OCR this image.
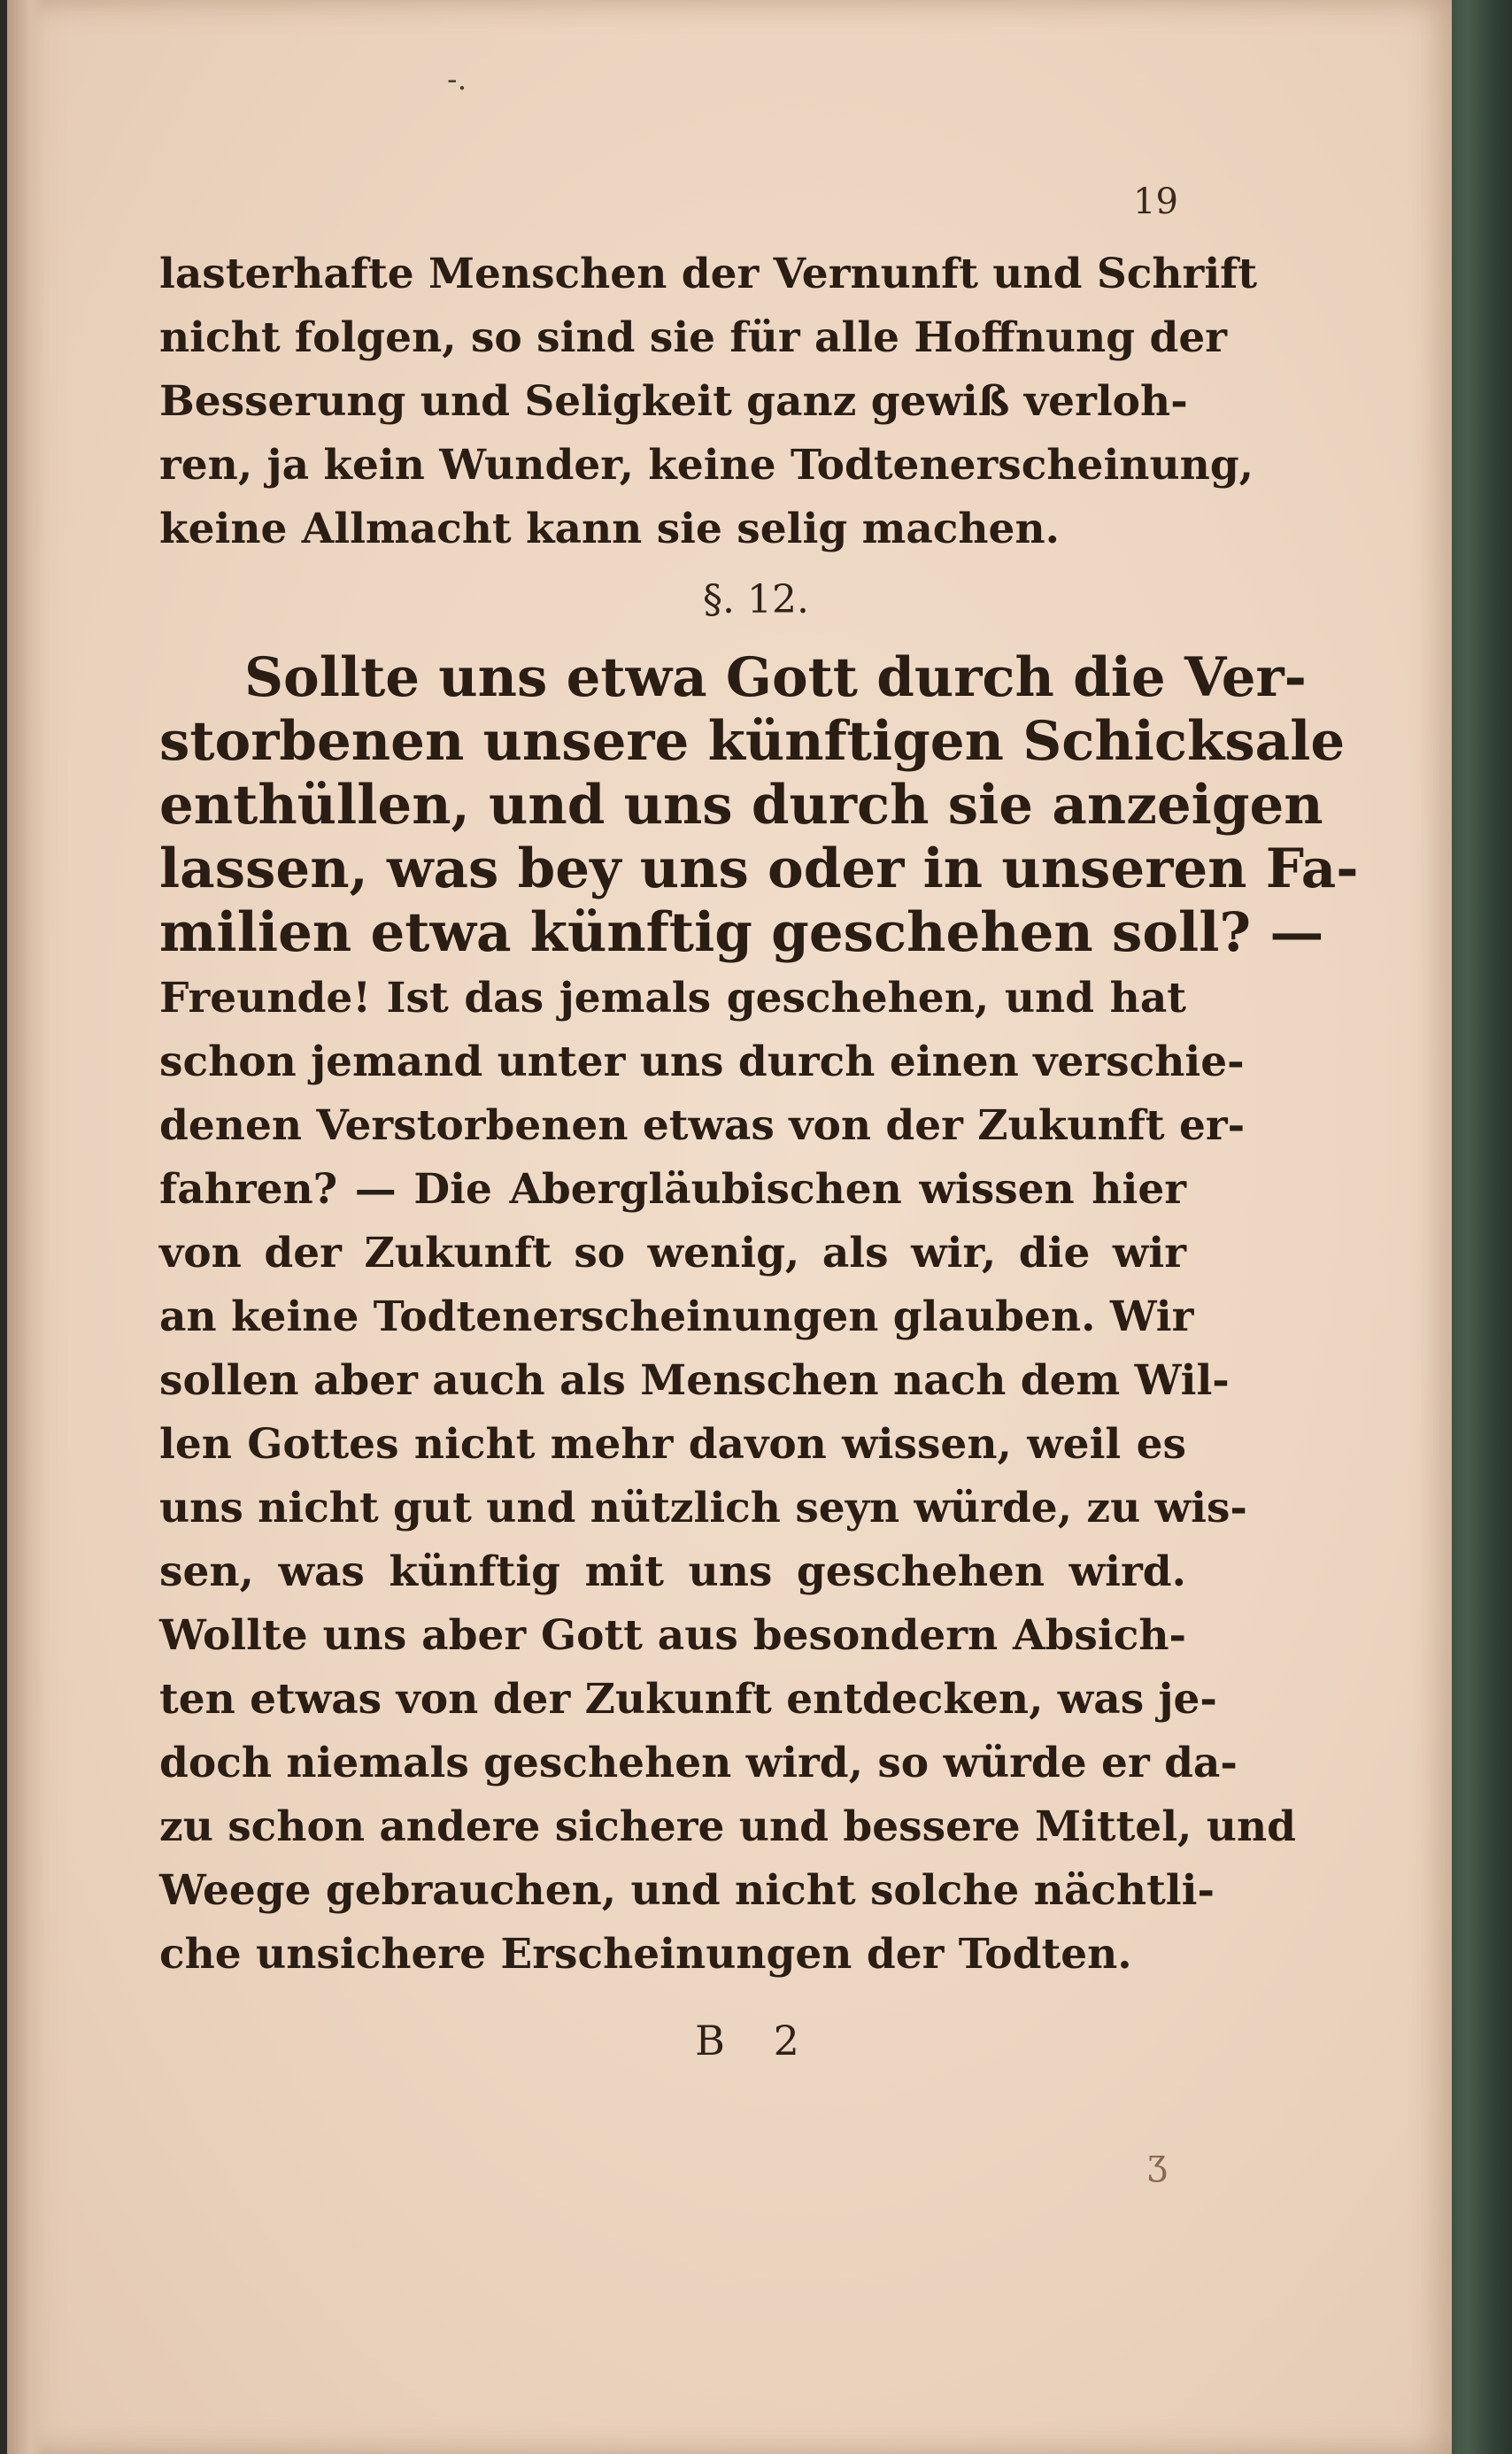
-.
19
lasterhafte Menschen der Vernunft und Schrift
nicht folgen, so sind sie für alle Hoffnung der
Besserung und Seligkeit ganz gewiß verloh-
ren, ja kein Wunder, keine Todtenerscheinung,
keine Allmacht kann sie selig machen.
§. 12.
Sollte uns etwa Gott durch die Ver-
storbenen unsere künftigen Schicksale
enthüllen, und uns durch sie anzeigen
lassen, was bey uns oder in unseren Fa-
milien etwa künftig geschehen soll? —
Freunde! Ist das jemals geschehen, und hat
schon jemand unter uns durch einen verschie-
denen Verstorbenen etwas von der Zukunft er-
fahren? — Die Abergläubischen wissen hier
von der Zukunft so wenig, als wir, die wir
an keine Todtenerscheinungen glauben. Wir
sollen aber auch als Menschen nach dem Wil-
len Gottes nicht mehr davon wissen, weil es
uns nicht gut und nützlich seyn würde, zu wis-
sen, was künftig mit uns geschehen wird.
Wollte uns aber Gott aus besondern Absich-
ten etwas von der Zukunft entdecken, was je-
doch niemals geschehen wird, so würde er da-
zu schon andere sichere und bessere Mittel, und
Weege gebrauchen, und nicht solche nächtli-
che unsichere Erscheinungen der Todten.
B 2
ʒ
